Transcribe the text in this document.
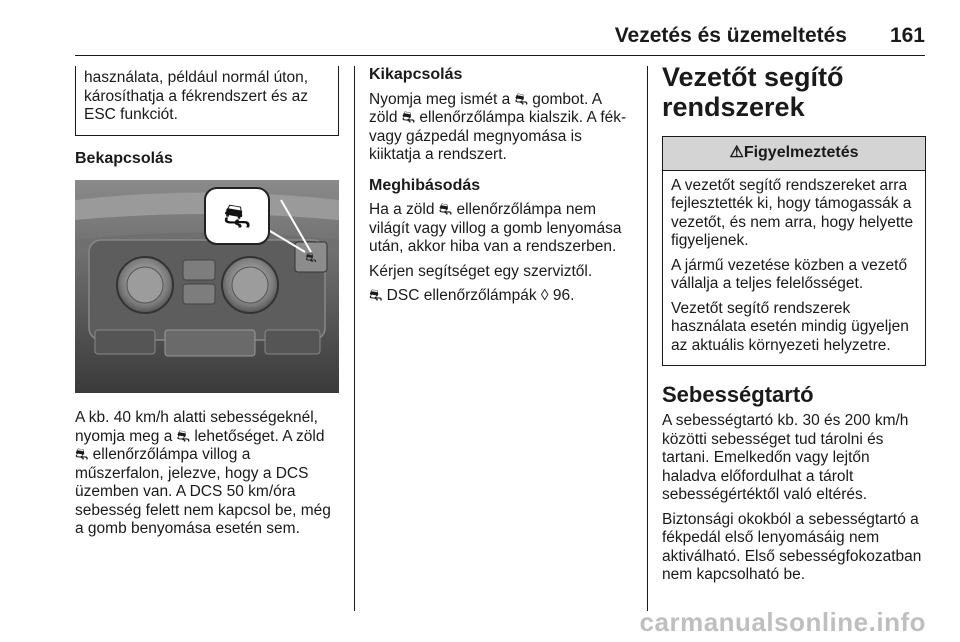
Vezetés és üzemeltetés 161
használata, például normál úton,
károsíthatja a fékrendszert és az
ESC funkciót.
Bekapcsolás
⛐
⛐
A kb. 40 km/h alatti sebességeknél, nyomja meg a ⛐ lehetőséget. A zöld ⛐ ellenőrzőlámpa villog a műszerfalon, jelezve, hogy a DCS üzemben van. A DCS 50 km/óra sebesség felett nem kapcsol be, még a gomb benyomása esetén sem.
Kikapcsolás

Nyomja meg ismét a ⛐ gombot. A zöld ⛐ ellenőrzőlámpa kialszik. A fék-vagy gázpedál megnyomása is kiiktatja a rendszert.

Meghibásodás

Ha a zöld ⛐ ellenőrzőlámpa nem világít vagy villog a gomb lenyomása után, akkor hiba van a rendszerben.

Kérjen segítséget egy szerviztől.

⛐ DSC ellenőrzőlámpák ◊ 96.

Vezetőt segítő
rendszerek
⚠Figyelmeztetés

A vezetőt segítő rendszereket arra fejlesztették ki, hogy támogassák a vezetőt, és nem arra, hogy helyette figyeljenek.

A jármű vezetése közben a vezető vállalja a teljes felelősséget.

Vezetőt segítő rendszerek használata esetén mindig ügyeljen az aktuális környezeti helyzetre.

Sebességtartó

A sebességtartó kb. 30 és 200 km/h közötti sebességet tud tárolni és tartani. Emelkedőn vagy lejtőn haladva előfordulhat a tárolt sebességértéktől való eltérés.

Biztonsági okokból a sebességtartó a fékpedál első lenyomásáig nem aktiválható. Első sebességfokozatban nem kapcsolható be.

carmanualsonline.info
